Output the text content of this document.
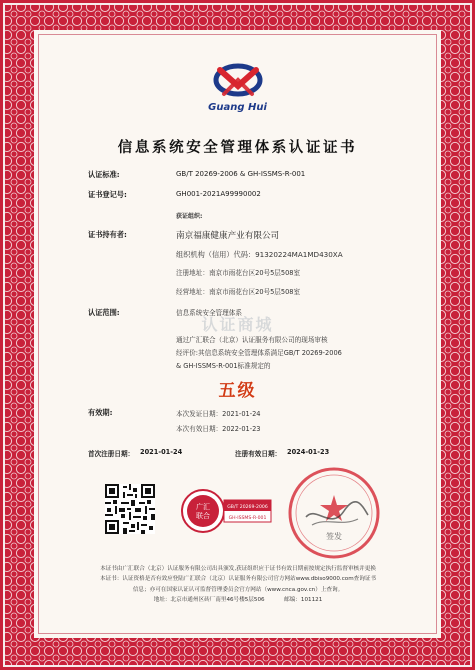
Guang Hui
信息系统安全管理体系认证证书
认证标准:	GB/T 20269-2006 & GH-ISSMS-R-001
证书登记号:	GH001-2021A99990002
获证组织:
证书持有者:	南京福康健康产业有限公司
组织机构（信用）代码：91320224MA1MD430XA
注册地址：南京市雨花台区20号5层508室
经营地址：南京市雨花台区20号5层508室
认证范围:	信息系统安全管理体系
认证商城
通过广汇联合（北京）认证服务有限公司的现场审核
经评价:其信息系统安全管理体系满足GB/T 20269-2006
& GH-ISSMS-R-001标准规定的
五级
有效期:	本次发证日期：2021-01-24
本次有效日期：2022-01-23
首次注册日期： 2021-01-24	注册有效日期： 2024-01-23
广汇
联合
GB/T 20269-2006
GH-ISSMS-R-001
签发
本证书由广汇联合（北京）认证服务有限公司出具颁发,获证组织应于证书有效日期前按规定执行监督审核并更换
本证书：认证资格是否有效应登陆广汇联合（北京）认证服务有限公司官方网站www.dbiso9000.com查询证书
信息；亦可在国家认证认可监督管理委员会官方网站（www.cnca.gov.cn）上查询。
地址：北京市通州区砖厂南里46号楼5层506	邮编：101121
